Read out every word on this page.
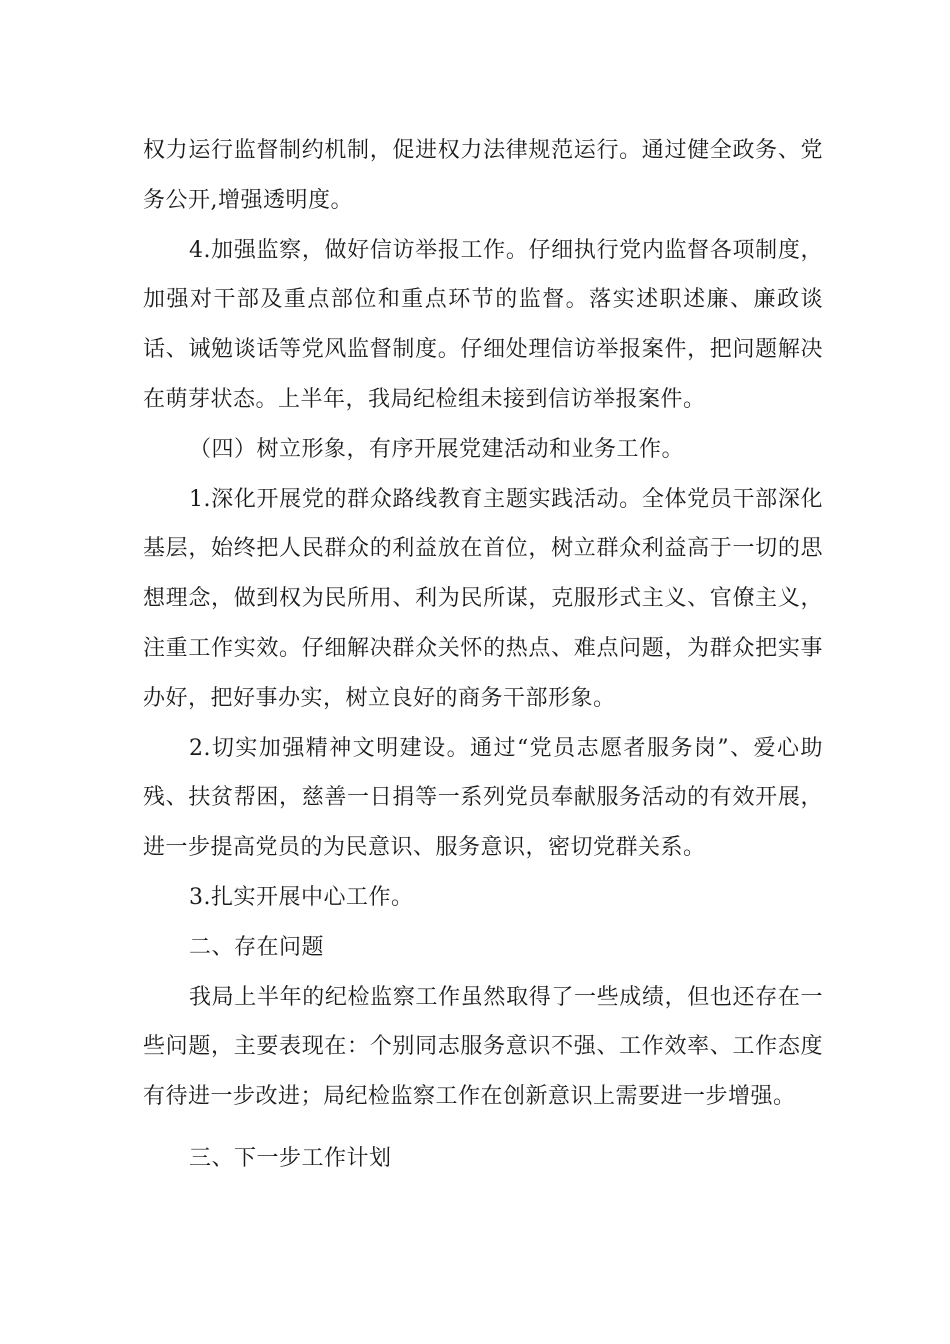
权力运行监督制约机制，促进权力法律规范运行。通过健全政务、党务公开,增强透明度。

4.加强监察，做好信访举报工作。仔细执行党内监督各项制度，加强对干部及重点部位和重点环节的监督。落实述职述廉、廉政谈话、诫勉谈话等党风监督制度。仔细处理信访举报案件，把问题解决在萌芽状态。上半年，我局纪检组未接到信访举报案件。

（四）树立形象，有序开展党建活动和业务工作。

1.深化开展党的群众路线教育主题实践活动。全体党员干部深化基层，始终把人民群众的利益放在首位，树立群众利益高于一切的思想理念，做到权为民所用、利为民所谋，克服形式主义、官僚主义，注重工作实效。仔细解决群众关怀的热点、难点问题，为群众把实事办好，把好事办实，树立良好的商务干部形象。

2.切实加强精神文明建设。通过“党员志愿者服务岗”、爱心助残、扶贫帮困，慈善一日捐等一系列党员奉献服务活动的有效开展，进一步提高党员的为民意识、服务意识，密切党群关系。

3.扎实开展中心工作。

二、存在问题

我局上半年的纪检监察工作虽然取得了一些成绩，但也还存在一些问题，主要表现在：个别同志服务意识不强、工作效率、工作态度有待进一步改进；局纪检监察工作在创新意识上需要进一步增强。

三、下一步工作计划
